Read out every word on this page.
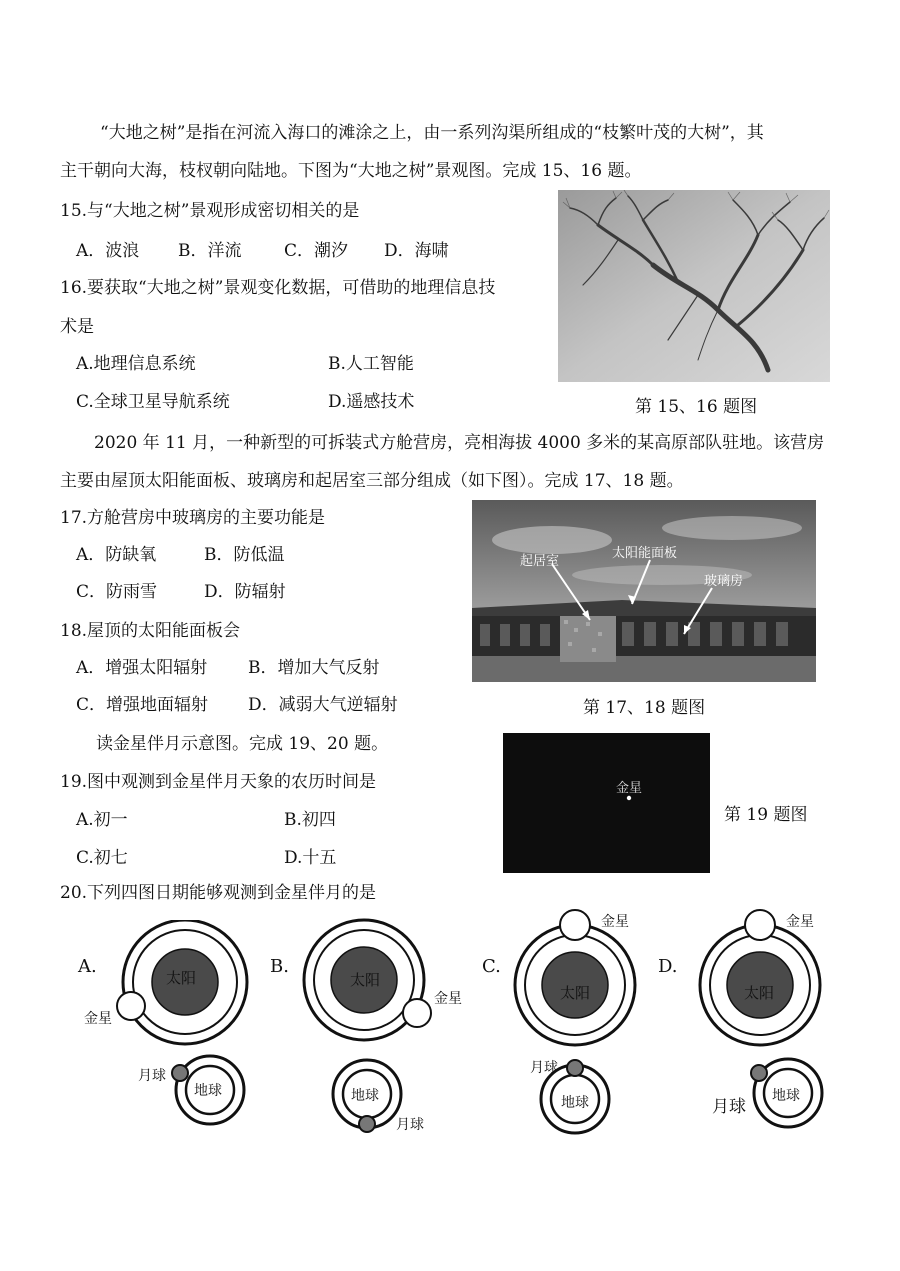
“大地之树”是指在河流入海口的滩涂之上，由一系列沟渠所组成的“枝繁叶茂的大树”，其
主干朝向大海，枝杈朝向陆地。下图为“大地之树”景观图。完成 15、16 题。
15.与“大地之树”景观形成密切相关的是
A．波浪 B．洋流	C．潮汐 D．海啸
16.要获取“大地之树”景观变化数据，可借助的地理信息技
术是
A.地理信息系统	B.人工智能
C.全球卫星导航系统	D.遥感技术	第 15、16 题图
2020 年 11 月，一种新型的可拆装式方舱营房，亮相海拔 4000 多米的某高原部队驻地。该营房
主要由屋顶太阳能面板、玻璃房和起居室三部分组成（如下图）。完成 17、18 题。
17.方舱营房中玻璃房的主要功能是
A．防缺氧	B．防低温
C．防雨雪	D．防辐射
18.屋顶的太阳能面板会
A．增强太阳辐射 B．增加大气反射
C．增强地面辐射 D．减弱大气逆辐射
起居室
太阳能面板
玻璃房
第 17、18 题图
读金星伴月示意图。完成 19、20 题。
19.图中观测到金星伴月天象的农历时间是
A.初一	B.初四
C.初七	D.十五
金星
第 19 题图
20.下列四图日期能够观测到金星伴月的是
A.
太阳
金星
地球
月球
B.
太阳
金星
地球
月球
C.
太阳
金星
地球
月球
D.
太阳
金星
地球
月球
